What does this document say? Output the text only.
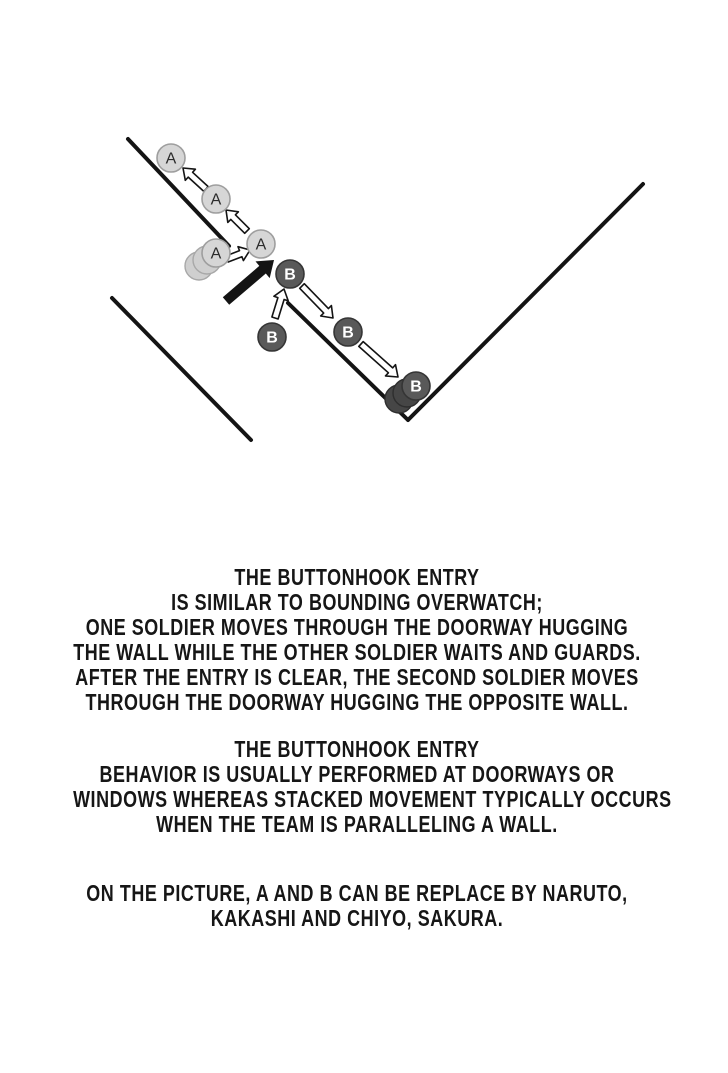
A
A
A
A
B
B	B
B
THE BUTTONHOOK ENTRY
IS SIMILAR TO BOUNDING OVERWATCH;
ONE SOLDIER MOVES THROUGH THE DOORWAY HUGGING
THE WALL WHILE THE OTHER SOLDIER WAITS AND GUARDS.
AFTER THE ENTRY IS CLEAR, THE SECOND SOLDIER MOVES
THROUGH THE DOORWAY HUGGING THE OPPOSITE WALL.
THE BUTTONHOOK ENTRY
BEHAVIOR IS USUALLY PERFORMED AT DOORWAYS OR
WINDOWS WHEREAS STACKED MOVEMENT TYPICALLY OCCURS
WHEN THE TEAM IS PARALLELING A WALL.
ON THE PICTURE, A AND B CAN BE REPLACE BY NARUTO,
KAKASHI AND CHIYO, SAKURA.
